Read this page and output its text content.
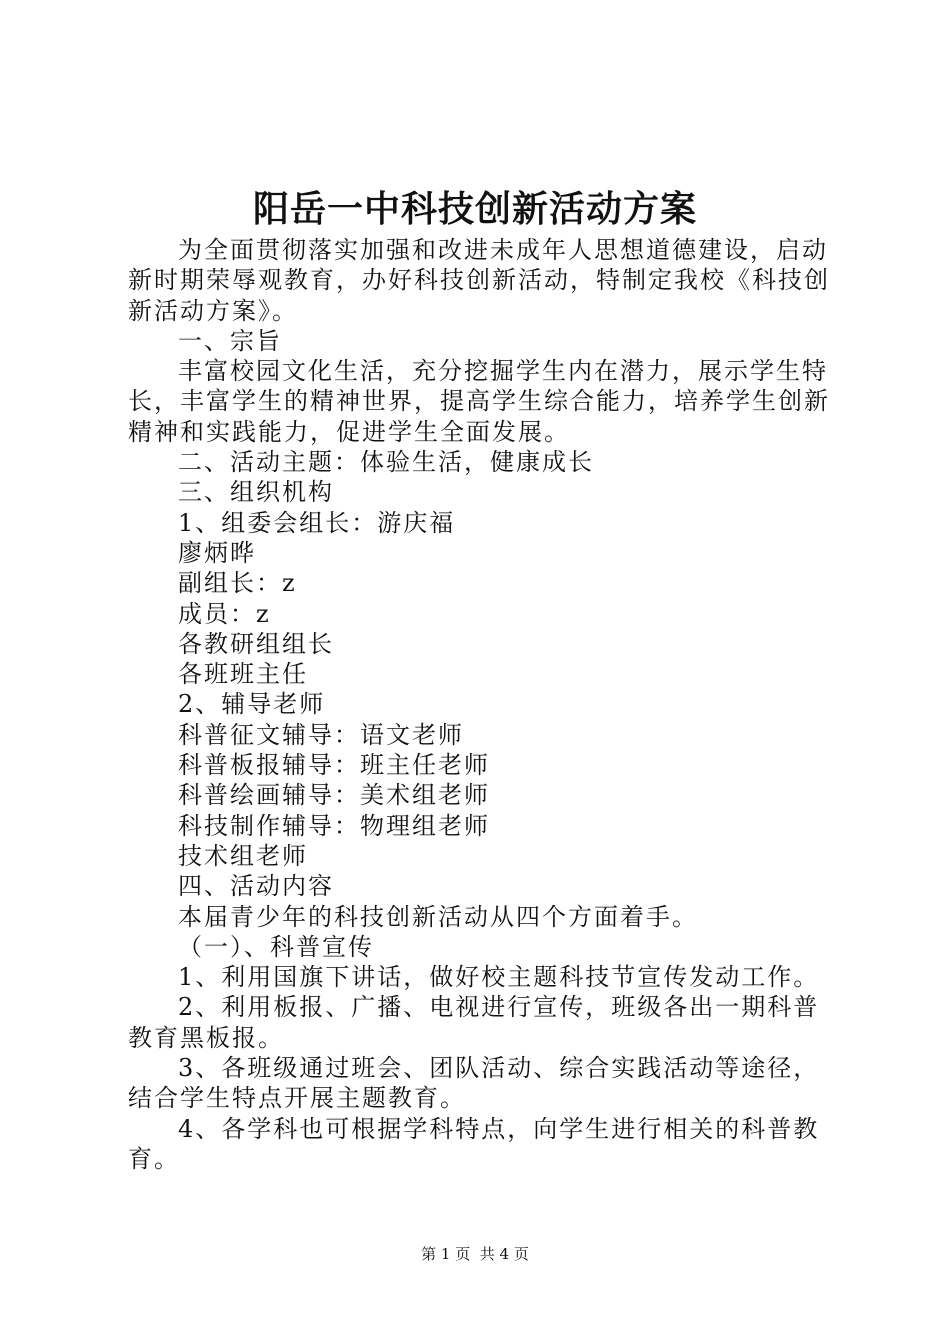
阳岳一中科技创新活动方案

为全面贯彻落实加强和改进未成年人思想道德建设，启动新时期荣辱观教育，办好科技创新活动，特制定我校《科技创新活动方案》。

一、宗旨

丰富校园文化生活，充分挖掘学生内在潜力，展示学生特长，丰富学生的精神世界，提高学生综合能力，培养学生创新精神和实践能力，促进学生全面发展。

二、活动主题：体验生活，健康成长

三、组织机构

1、组委会组长：游庆福

廖炳晔

副组长：z

成员：z

各教研组组长

各班班主任

2、辅导老师

科普征文辅导：语文老师

科普板报辅导：班主任老师

科普绘画辅导：美术组老师

科技制作辅导：物理组老师

技术组老师

四、活动内容

本届青少年的科技创新活动从四个方面着手。

（一）、科普宣传

1、利用国旗下讲话，做好校主题科技节宣传发动工作。

2、利用板报、广播、电视进行宣传，班级各出一期科普教育黑板报。

3、各班级通过班会、团队活动、综合实践活动等途径，结合学生特点开展主题教育。

4、各学科也可根据学科特点，向学生进行相关的科普教育。

第 1 页  共 4 页
